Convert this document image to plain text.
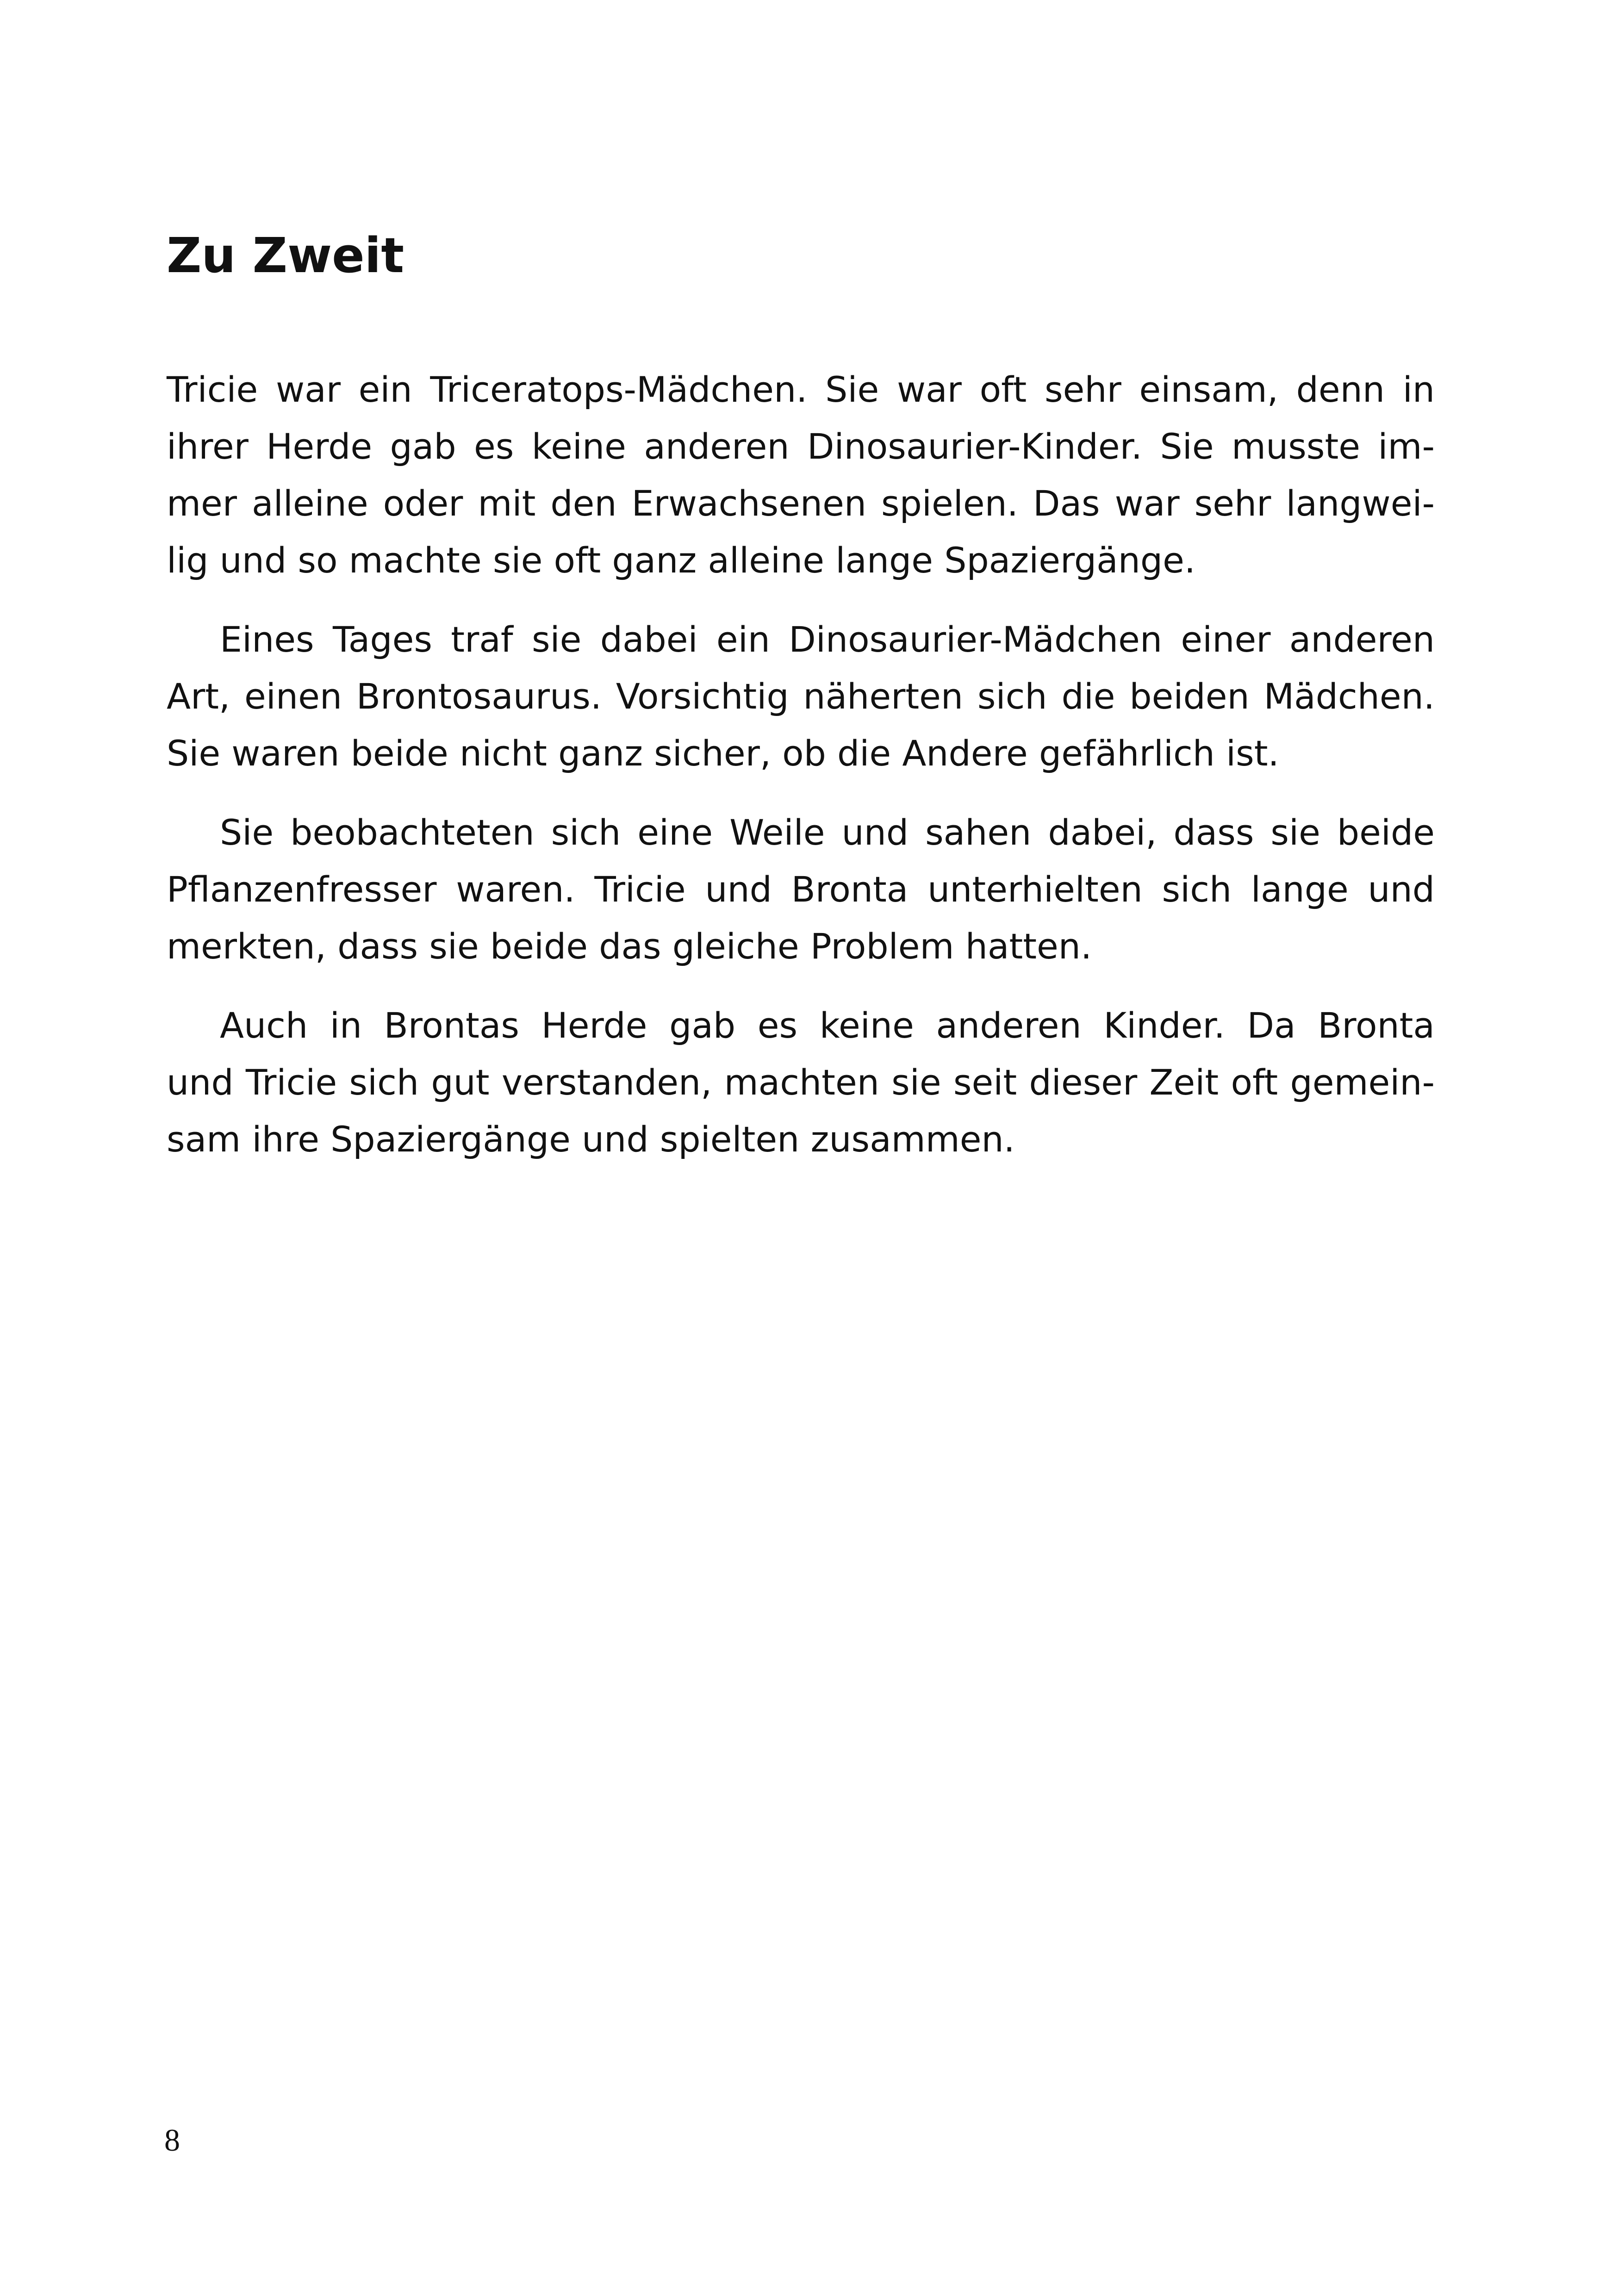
Zu Zweit
Tricie war ein Triceratops-Mädchen. Sie war oft sehr einsam, denn in
ihrer Herde gab es keine anderen Dinosaurier-Kinder. Sie musste im-
mer alleine oder mit den Erwachsenen spielen. Das war sehr langwei-
lig und so machte sie oft ganz alleine lange Spaziergänge.
Eines Tages traf sie dabei ein Dinosaurier-Mädchen einer anderen
Art, einen Brontosaurus. Vorsichtig näherten sich die beiden Mädchen.
Sie waren beide nicht ganz sicher, ob die Andere gefährlich ist.
Sie beobachteten sich eine Weile und sahen dabei, dass sie beide
Pflanzenfresser waren. Tricie und Bronta unterhielten sich lange und
merkten, dass sie beide das gleiche Problem hatten.
Auch in Brontas Herde gab es keine anderen Kinder. Da Bronta
und Tricie sich gut verstanden, machten sie seit dieser Zeit oft gemein-
sam ihre Spaziergänge und spielten zusammen.
8
